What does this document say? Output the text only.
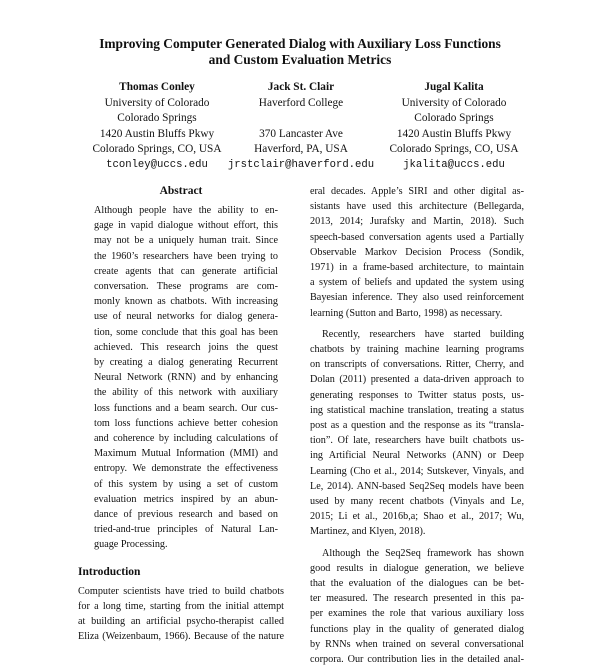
Improving Computer Generated Dialog with Auxiliary Loss Functions
and Custom Evaluation Metrics
Thomas Conley
University of Colorado
Colorado Springs
1420 Austin Bluffs Pkwy
Colorado Springs, CO, USA
tconley@uccs.edu
Jack St. Clair
Haverford College
370 Lancaster Ave
Haverford, PA, USA
jrstclair@haverford.edu
Jugal Kalita
University of Colorado
Colorado Springs
1420 Austin Bluffs Pkwy
Colorado Springs, CO, USA
jkalita@uccs.edu
Abstract
Although people have the ability to en-
gage in vapid dialogue without effort, this
may not be a uniquely human trait. Since
the 1960’s researchers have been trying to
create agents that can generate artificial
conversation. These programs are com-
monly known as chatbots. With increasing
use of neural networks for dialog genera-
tion, some conclude that this goal has been
achieved. This research joins the quest
by creating a dialog generating Recurrent
Neural Network (RNN) and by enhancing
the ability of this network with auxiliary
loss functions and a beam search. Our cus-
tom loss functions achieve better cohesion
and coherence by including calculations of
Maximum Mutual Information (MMI) and
entropy. We demonstrate the effectiveness
of this system by using a set of custom
evaluation metrics inspired by an abun-
dance of previous research and based on
tried-and-true principles of Natural Lan-
guage Processing.
Introduction
Computer scientists have tried to build chatbots
for a long time, starting from the initial attempt
at building an artificial psycho-therapist called
Eliza (Weizenbaum, 1966). Because of the nature
eral decades. Apple’s SIRI and other digital as-
sistants have used this architecture (Bellegarda,
2013, 2014; Jurafsky and Martin, 2018). Such
speech-based conversation agents used a Partially
Observable Markov Decision Process (Sondik,
1971) in a frame-based architecture, to maintain
a system of beliefs and updated the system using
Bayesian inference. They also used reinforcement
learning (Sutton and Barto, 1998) as necessary.
Recently, researchers have started building
chatbots by training machine learning programs
on transcripts of conversations. Ritter, Cherry, and
Dolan (2011) presented a data-driven approach to
generating responses to Twitter status posts, us-
ing statistical machine translation, treating a status
post as a question and the response as its “transla-
tion”. Of late, researchers have built chatbots us-
ing Artificial Neural Networks (ANN) or Deep
Learning (Cho et al., 2014; Sutskever, Vinyals, and
Le, 2014). ANN-based Seq2Seq models have been
used by many recent chatbots (Vinyals and Le,
2015; Li et al., 2016b,a; Shao et al., 2017; Wu,
Martinez, and Klyen, 2018).
Although the Seq2Seq framework has shown
good results in dialogue generation, we believe
that the evaluation of the dialogues can be bet-
ter measured. The research presented in this pa-
per examines the role that various auxiliary loss
functions play in the quality of generated dialog
by RNNs when trained on several conversational
corpora. Our contribution lies in the detailed anal-
